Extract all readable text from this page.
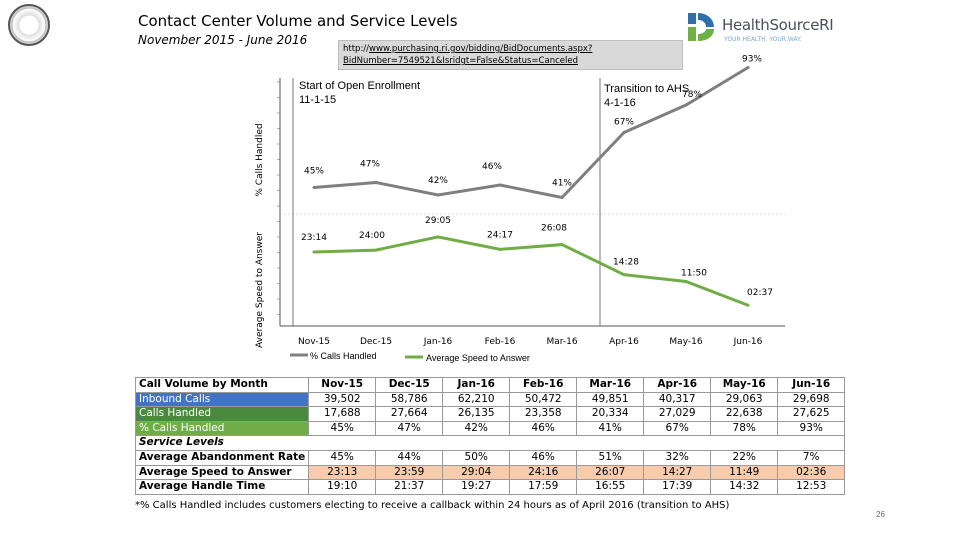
Contact Center Volume and Service Levels
November 2015 - June 2016
http://www.purchasing.ri.gov/bidding/BidDocuments.aspx?BidNumber=7549521&Isridgt=False&Status=Canceled
HealthSourceRI
YOUR HEALTH. YOUR WAY.
Nov-15	Dec-15	Jan-16	Feb-16	Mar-16	Apr-16	May-16	Jun-16
% Calls Handled
Average Speed to Answer
Start of Open Enrollment
11-1-15
Transition to AHS
4-1-16
45%
47%
42%
46%
41%
67%
78%
93%
23:14	24:00
29:05
24:17
26:08
14:28
11:50
02:37
% Calls Handled	Average Speed to Answer
Call Volume by Month	Nov-15	Dec-15	Jan-16	Feb-16	Mar-16	Apr-16	May-16	Jun-16
Inbound Calls	39,502	58,786	62,210	50,472	49,851	40,317	29,063	29,698
Calls Handled	17,688	27,664	26,135	23,358	20,334	27,029	22,638	27,625
% Calls Handled	45%	47%	42%	46%	41%	67%	78%	93%
Service Levels								
Average Abandonment Rate	45%	44%	50%	46%	51%	32%	22%	7%
Average Speed to Answer	23:13	23:59	29:04	24:16	26:07	14:27	11:49	02:36
Average Handle Time	19:10	21:37	19:27	17:59	16:55	17:39	14:32	12:53
*% Calls Handled includes customers electing to receive a callback within 24 hours as of April 2016 (transition to AHS)
26
